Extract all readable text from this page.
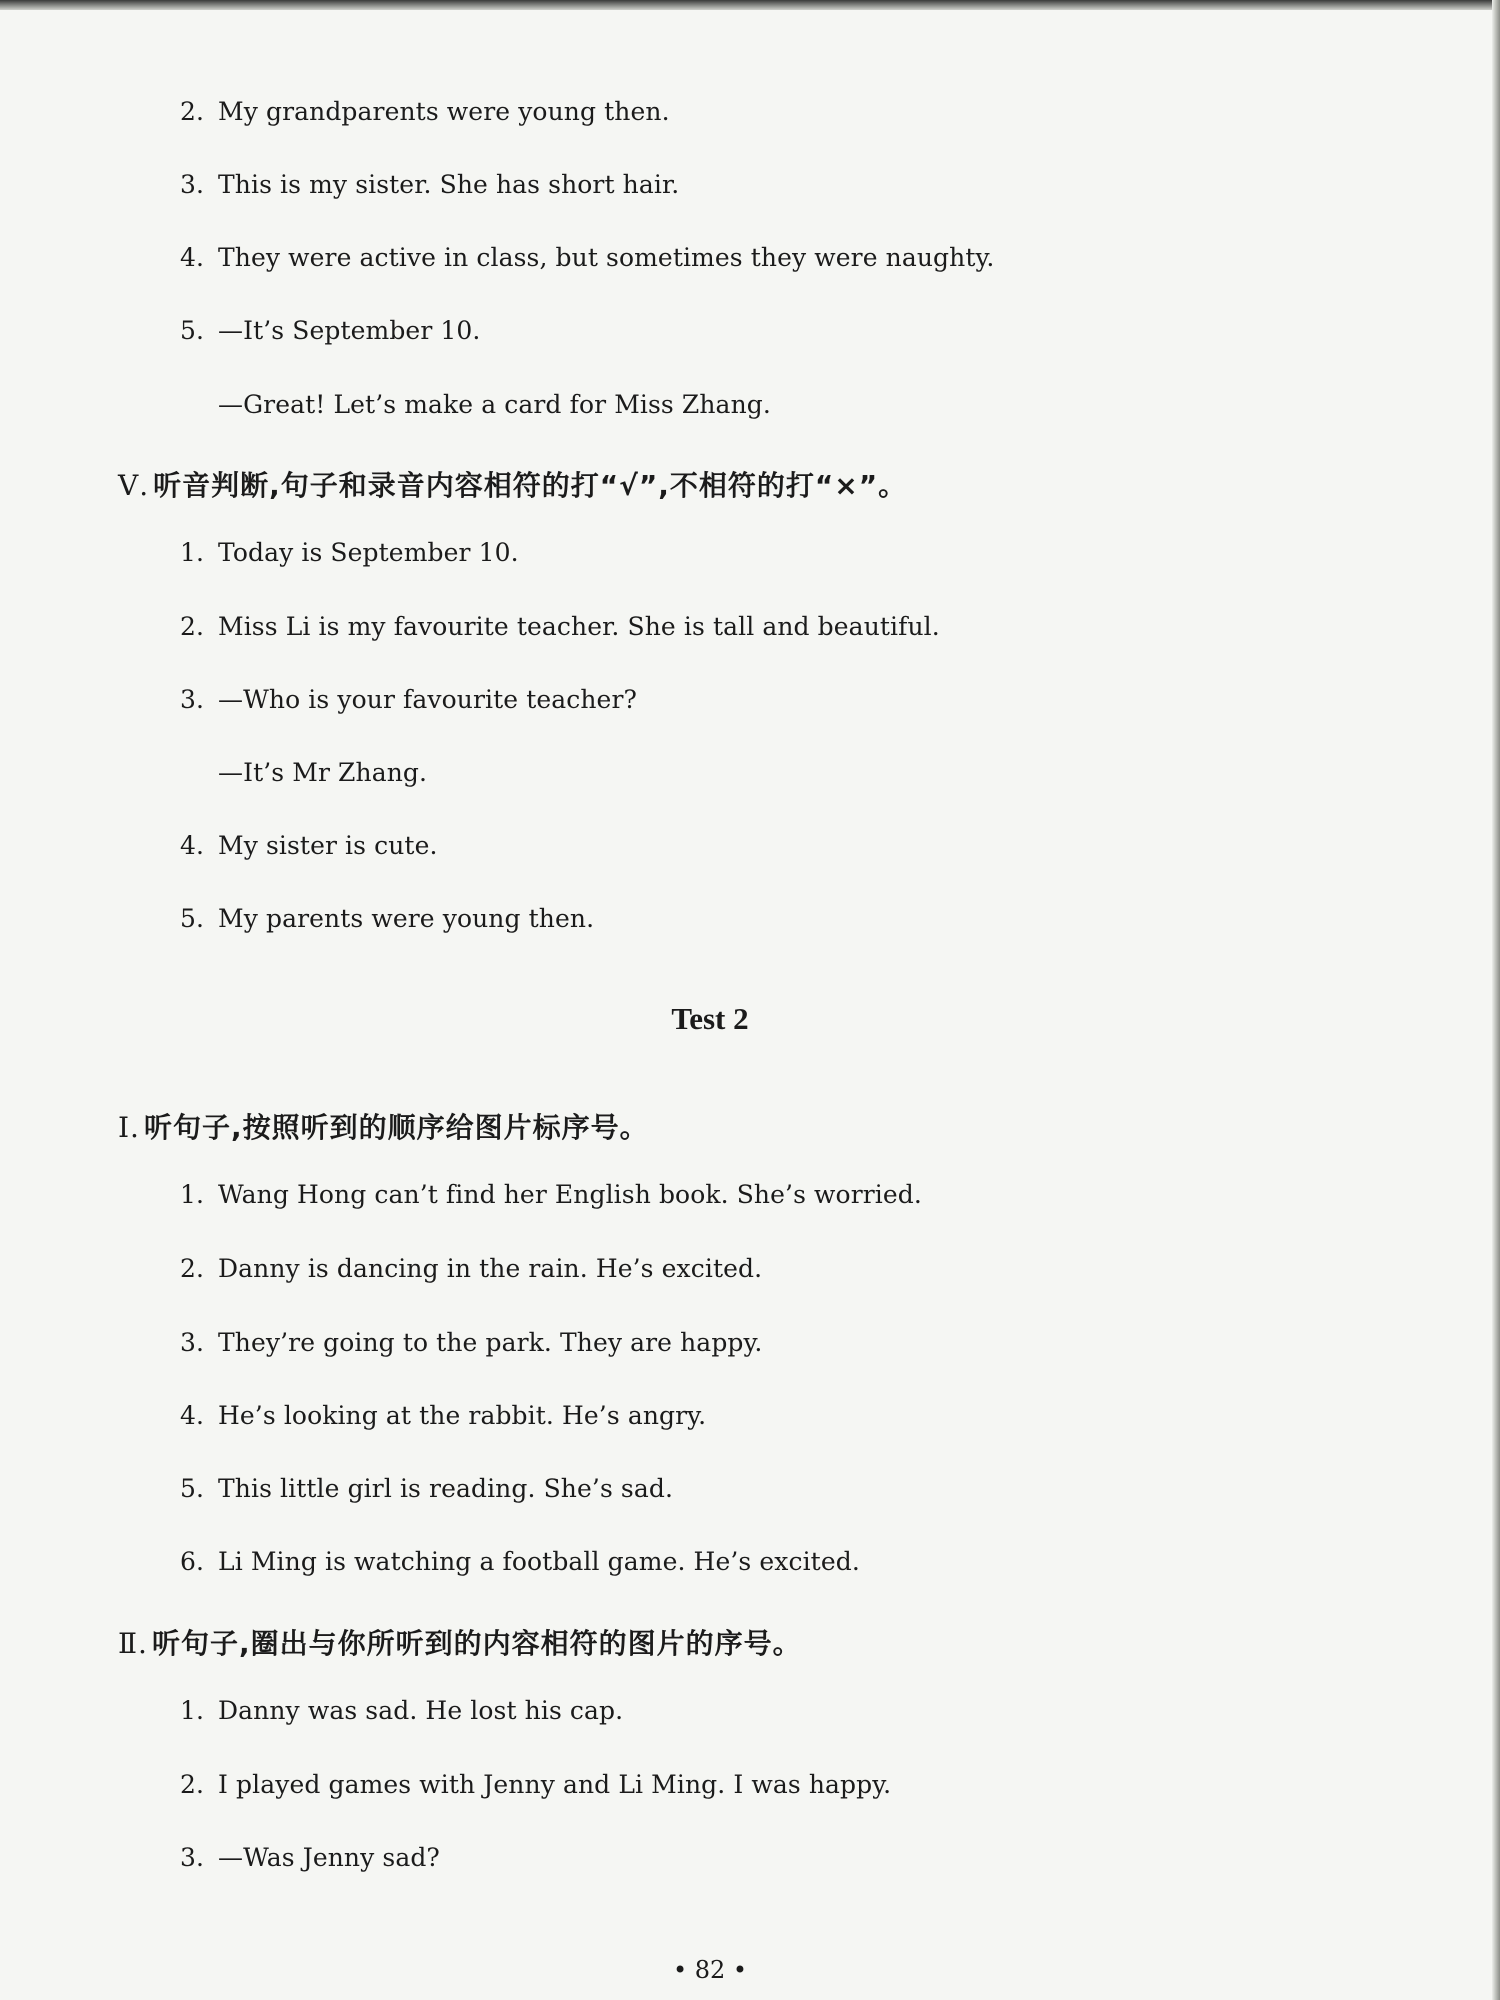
2. My grandparents were young then.
3. This is my sister. She has short hair.
4. They were active in class, but sometimes they were naughty.
5. —It’s September 10.
—Great! Let’s make a card for Miss Zhang.
Ⅴ. 听音判断,句子和录音内容相符的打“√”,不相符的打“×”。
1. Today is September 10.
2. Miss Li is my favourite teacher. She is tall and beautiful.
3. —Who is your favourite teacher?
—It’s Mr Zhang.
4. My sister is cute.
5. My parents were young then.
Test 2
Ⅰ. 听句子,按照听到的顺序给图片标序号。
1. Wang Hong can’t find her English book. She’s worried.
2. Danny is dancing in the rain. He’s excited.
3. They’re going to the park. They are happy.
4. He’s looking at the rabbit. He’s angry.
5. This little girl is reading. She’s sad.
6. Li Ming is watching a football game. He’s excited.
Ⅱ. 听句子,圈出与你所听到的内容相符的图片的序号。
1. Danny was sad. He lost his cap.
2. I played games with Jenny and Li Ming. I was happy.
3. —Was Jenny sad?
• 82 •
